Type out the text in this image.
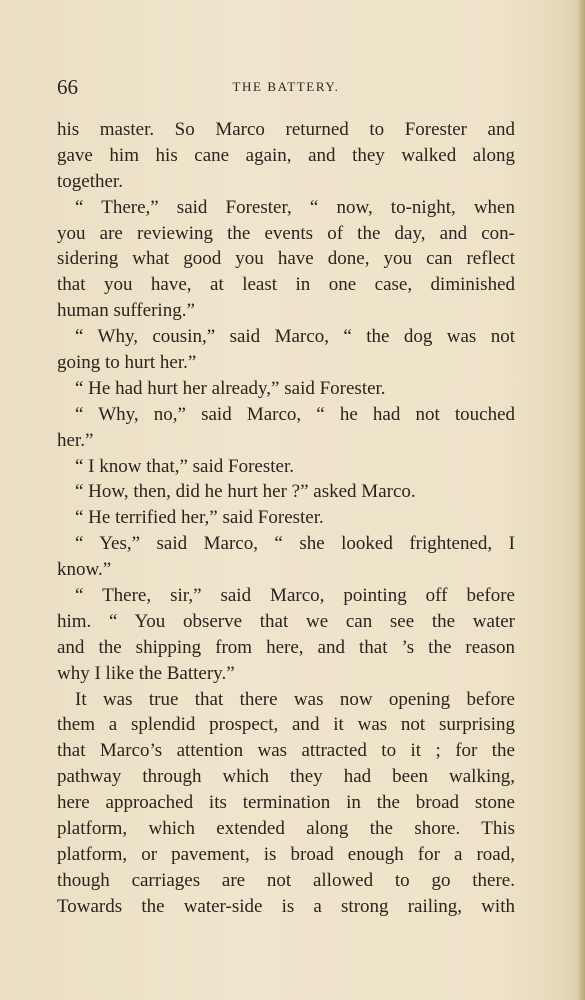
66	THE BATTERY.
his master. So Marco returned to Forester and
gave him his cane again, and they walked along
together.
“ There,” said Forester, “ now, to-night, when
you are reviewing the events of the day, and con-
sidering what good you have done, you can reflect
that you have, at least in one case, diminished
human suffering.”
“ Why, cousin,” said Marco, “ the dog was not
going to hurt her.”
“ He had hurt her already,” said Forester.
“ Why, no,” said Marco, “ he had not touched
her.”
“ I know that,” said Forester.
“ How, then, did he hurt her ?” asked Marco.
“ He terrified her,” said Forester.
“ Yes,” said Marco, “ she looked frightened, I
know.”
“ There, sir,” said Marco, pointing off before
him. “ You observe that we can see the water
and the shipping from here, and that ’s the reason
why I like the Battery.”
It was true that there was now opening before
them a splendid prospect, and it was not surprising
that Marco’s attention was attracted to it ; for the
pathway through which they had been walking,
here approached its termination in the broad stone
platform, which extended along the shore. This
platform, or pavement, is broad enough for a road,
though carriages are not allowed to go there.
Towards the water-side is a strong railing, with
